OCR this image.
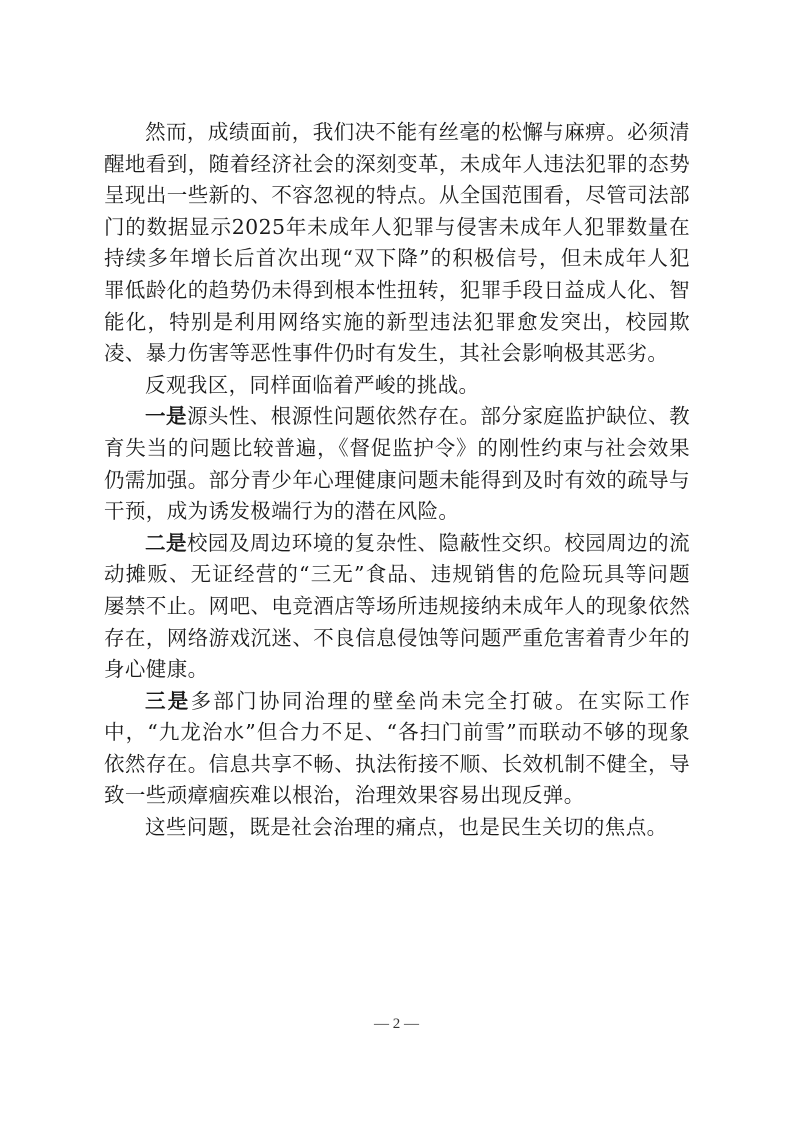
然而，成绩面前，我们决不能有丝毫的松懈与麻痹。必须清醒地看到，随着经济社会的深刻变革，未成年人违法犯罪的态势呈现出一些新的、不容忽视的特点。从全国范围看，尽管司法部门的数据显示2025年未成年人犯罪与侵害未成年人犯罪数量在持续多年增长后首次出现“双下降”的积极信号，但未成年人犯罪低龄化的趋势仍未得到根本性扭转，犯罪手段日益成人化、智能化，特别是利用网络实施的新型违法犯罪愈发突出，校园欺凌、暴力伤害等恶性事件仍时有发生，其社会影响极其恶劣。

反观我区，同样面临着严峻的挑战。

一是源头性、根源性问题依然存在。部分家庭监护缺位、教育失当的问题比较普遍，《督促监护令》的刚性约束与社会效果仍需加强。部分青少年心理健康问题未能得到及时有效的疏导与干预，成为诱发极端行为的潜在风险。

二是校园及周边环境的复杂性、隐蔽性交织。校园周边的流动摊贩、无证经营的“三无”食品、违规销售的危险玩具等问题屡禁不止。网吧、电竞酒店等场所违规接纳未成年人的现象依然存在，网络游戏沉迷、不良信息侵蚀等问题严重危害着青少年的身心健康。

三是多部门协同治理的壁垒尚未完全打破。在实际工作中，“九龙治水”但合力不足、“各扫门前雪”而联动不够的现象依然存在。信息共享不畅、执法衔接不顺、长效机制不健全，导致一些顽瘴痼疾难以根治，治理效果容易出现反弹。

这些问题，既是社会治理的痛点，也是民生关切的焦点。

— 2 —
